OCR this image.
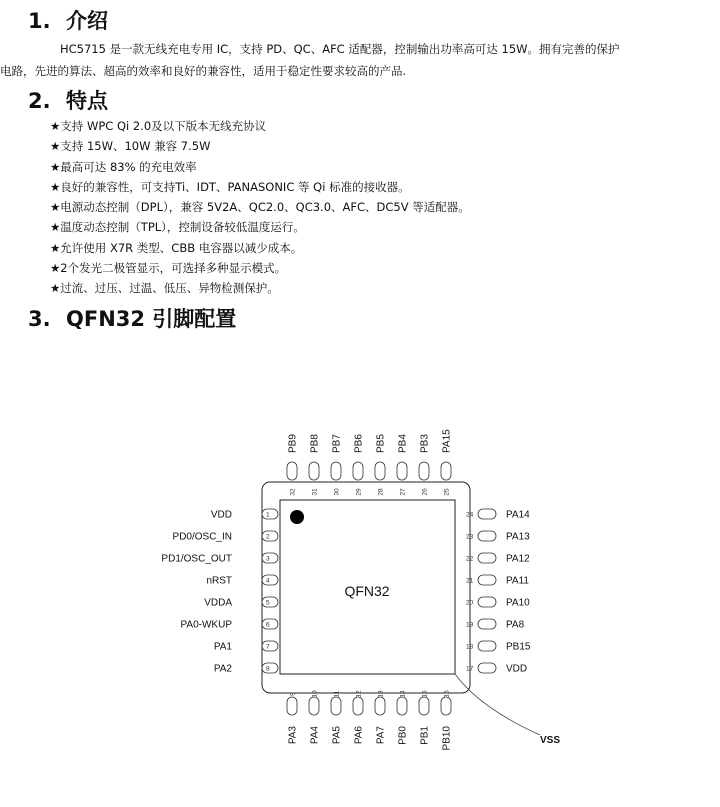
1. 介绍

HC5715 是一款无线充电专用 IC，支持 PD、QC、AFC 适配器，控制输出功率高可达 15W。拥有完善的保护
电路，先进的算法、超高的效率和良好的兼容性，适用于稳定性要求较高的产品.

2. 特点
★支持 WPC Qi 2.0及以下版本无线充协议
★支持 15W、10W 兼容 7.5W
★最高可达 83% 的充电效率
★良好的兼容性，可支持Ti、IDT、PANASONIC 等 Qi 标准的接收器。
★电源动态控制（DPL），兼容 5V2A、QC2.0、QC3.0、AFC、DC5V 等适配器。
★温度动态控制（TPL），控制设备较低温度运行。
★允许使用 X7R 类型、CBB 电容器以减少成本。
★2个发光二极管显示，可选择多种显示模式。
★过流、过压、过温、低压、异物检测保护。
3. QFN32 引脚配置
QFN32
VSS
1
VDD
2
PD0/OSC_IN
3
PD1/OSC_OUT
4
nRST
5
VDDA
6
PA0-WKUP
7
PA1
8
PA2
24	PA14
23	PA13
22	PA12
21	PA11
20	PA10
19	PA8
18	PB15
17	VDD
32
PB9
31
PB8
30
PB7
29
PB6
28
PB5
27
PB4
26
PB3
25
PA15
9
PA3
10
PA4
11
PA5
12
PA6
13
PA7
14
PB0
15
PB1
16
PB10
